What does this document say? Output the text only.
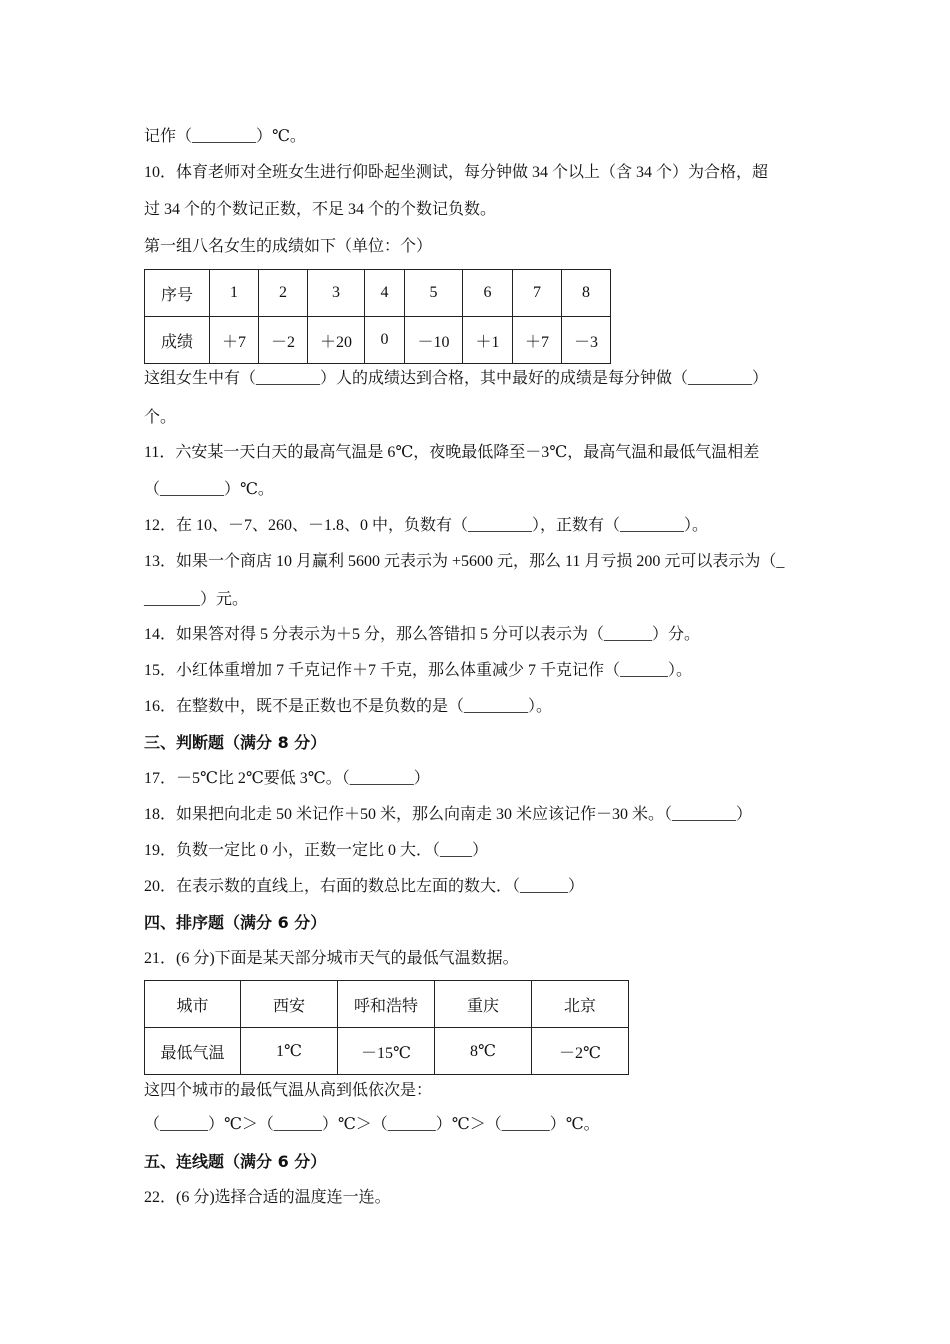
记作（________）℃。
10．体育老师对全班女生进行仰卧起坐测试，每分钟做 34 个以上（含 34 个）为合格，超
过 34 个的个数记正数，不足 34 个的个数记负数。
第一组八名女生的成绩如下（单位：个）
序号	1	2	3	4	5	6	7	8
成绩	＋7	－2	＋20	0	－10	＋1	＋7	－3
这组女生中有（________）人的成绩达到合格，其中最好的成绩是每分钟做（________）
个。
11．六安某一天白天的最高气温是 6℃，夜晚最低降至－3℃，最高气温和最低气温相差
（________）℃。
12．在 10、－7、260、－1.8、0 中，负数有（________），正数有（________）。
13．如果一个商店 10 月赢利 5600 元表示为 +5600 元，那么 11 月亏损 200 元可以表示为（_
_______）元。
14．如果答对得 5 分表示为＋5 分，那么答错扣 5 分可以表示为（______）分。
15．小红体重增加 7 千克记作＋7 千克，那么体重减少 7 千克记作（______）。
16．在整数中，既不是正数也不是负数的是（________）。
三、判断题（满分 8 分）
17．－5℃比 2℃要低 3℃。（________）
18．如果把向北走 50 米记作＋50 米，那么向南走 30 米应该记作－30 米。（________）
19．负数一定比 0 小，正数一定比 0 大．（____）
20．在表示数的直线上，右面的数总比左面的数大．（______）
四、排序题（满分 6 分）
21．(6 分)下面是某天部分城市天气的最低气温数据。
城市	西安	呼和浩特	重庆	北京
最低气温	1℃	－15℃	8℃	－2℃
这四个城市的最低气温从高到低依次是：
（______）℃＞（______）℃＞（______）℃＞（______）℃。
五、连线题（满分 6 分）
22．(6 分)选择合适的温度连一连。
